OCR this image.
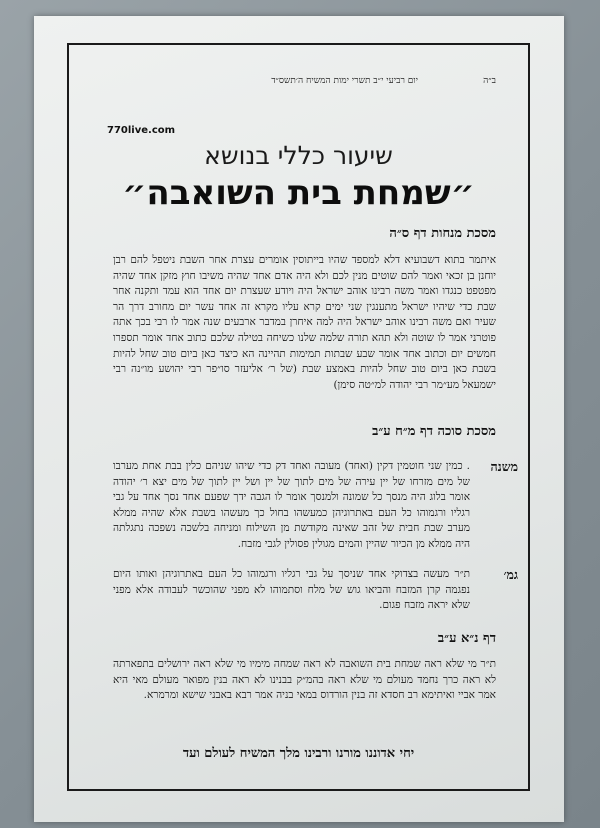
ב״ה
יום רביעי י״ב תשרי ימות המשיח ה׳תשס״ד
770live.com
שיעור כללי בנושא
״שמחת בית השואבה״
מסכת מנחות דף ס״ה
איתמר בתוא דשבועיא דלא למספד שהיו בייתוסין אומרים עצרת אחר השבת ניטפל להם רבן יוחנן בן זכאי ואמר להם שוטים מנין לכם ולא היה אדם אחד שהיה משיבו חוץ מזקן אחד שהיה מפטפט כנגדו ואמר משה רבינו אוהב ישראל היה ויודע שעצרת יום אחד הוא עמד ותקנה אחר שבת כדי שיהיו ישראל מתענגין שני ימים קרא עליו מקרא זה אחד עשר יום מחורב דרך הר שעיר ואם משה רבינו אוהב ישראל היה למה איחרן במדבר ארבעים שנה אמר לו רבי בכך אתה פוטרני אמר לו שוטה ולא תהא תורה שלמה שלנו כשיחה בטילה שלכם כתוב אחד אומר תספרו חמשים יום וכתוב אחד אומר שבע שבתות תמימות תהיינה הא כיצד כאן ביום טוב שחל להיות בשבת כאן ביום טוב שחל להיות באמצע שבת (של ר׳ אליעזר סו״פר רבי יהושע מו״נה רבי ישמעאל מע״מר רבי יהודה למ״טה סימן)
מסכת סוכה דף מ״ח ע״ב
משנה
. כמין שני חוטמין דקין (ואחד) מעובה ואחד דק כדי שיהו שניהם כלין בבת אחת מערבו של מים מזרחו של יין עירה של מים לתוך של יין ושל יין לתוך של מים יצא ר׳ יהודה אומר בלוג היה מנסך כל שמונה ולמנסך אומר לו הגבה ידך שפעם אחד נסך אחד על גבי רגליו ורגמוהו כל העם באתרוגיהן כמעשהו בחול כך מעשהו בשבת אלא שהיה ממלא מערב שבת חבית של זהב שאינה מקודשת מן השילוח ומניחה בלשכה נשפכה נתגלתה היה ממלא מן הכיור שהיין והמים מגולין פסולין לגבי מזבח.
גמ׳
ת״ר מעשה בצדוקי אחד שניסך על גבי רגליו ורגמוהו כל העם באתרוגיהן ואותו היום נפגמה קרן המזבח והביאו גוש של מלח וסתמוהו לא מפני שהוכשר לעבודה אלא מפני שלא יראה מזבח פגום.
דף נ״א ע״ב
ת״ר מי שלא ראה שמחת בית השואבה לא ראה שמחה מימיו מי שלא ראה ירושלים בתפארתה לא ראה כרך נחמד מעולם מי שלא ראה בהמ״ק בבנינו לא ראה בנין מפואר מעולם מאי היא אמר אביי ואיתימא רב חסדא זה בנין הורדוס במאי בניה אמר רבא באבני שישא ומרמרא.
יחי אדוננו מורנו ורבינו מלך המשיח לעולם ועד
